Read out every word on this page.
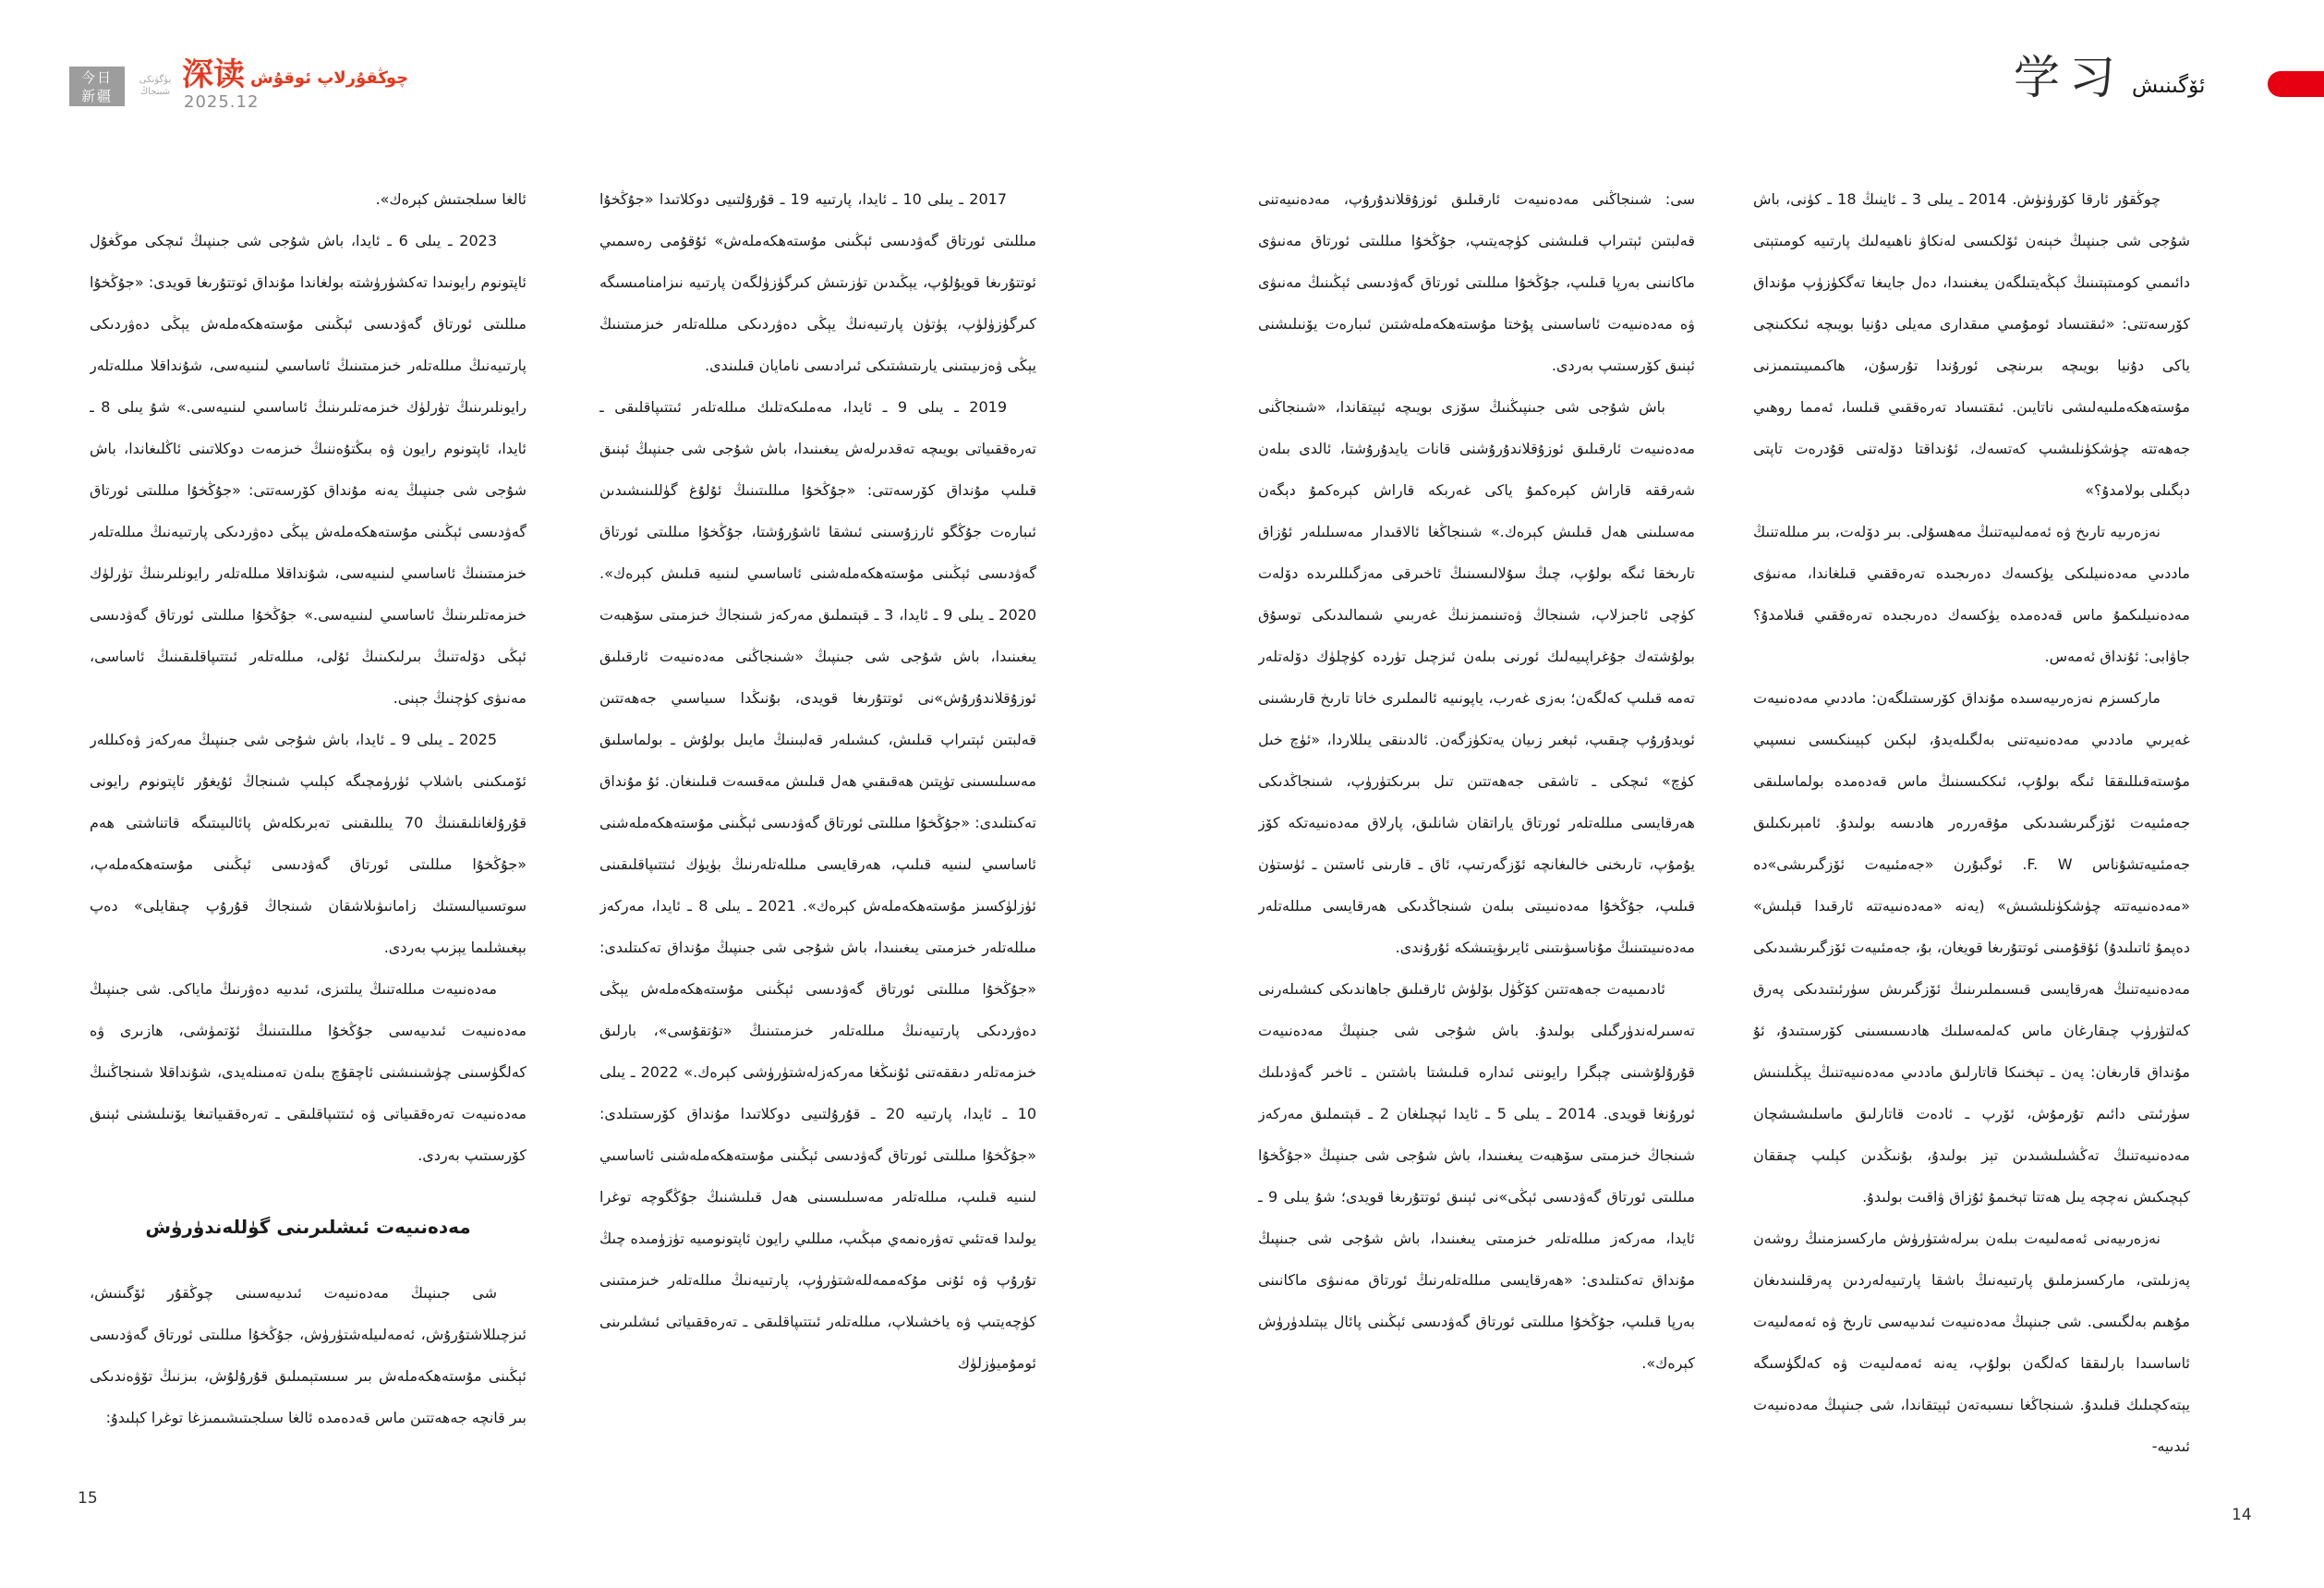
今日
新疆
بۈگۈنكى
شىنجاڭ 深读 چوڭقۇرلاپ ئوقۇش
2025.12	学习 ئۆگىنىش

ئالغا سىلجىتىش كېرەك».

2023 ـ يىلى 6 ـ ئايدا، باش شۇجى شى جىنپىڭ ئىچكى موڭغۇل ئاپتونوم رايونىدا تەكشۈرۈشتە بولغاندا مۇنداق ئوتتۇرىغا قويدى: «جۇڭخۇا مىللىتى ئورتاق گەۋدىسى ئېڭىنى مۇستەھكەملەش يېڭى دەۋردىكى پارتىيەنىڭ مىللەتلەر خىزمىتىنىڭ ئاساسىي لىنىيەسى، شۇنداقلا مىللەتلەر رايونلىرىنىڭ تۈرلۈك خىزمەتلىرىنىڭ ئاساسىي لىنىيەسى.» شۇ يىلى 8 ـ ئايدا، ئاپتونوم رايون ۋە بىڭتۇەننىڭ خىزمەت دوكلاتىنى ئاڭلىغاندا، باش شۇجى شى جىنپىڭ يەنە مۇنداق كۆرسەتتى: «جۇڭخۇا مىللىتى ئورتاق گەۋدىسى ئېڭىنى مۇستەھكەملەش يېڭى دەۋردىكى پارتىيەنىڭ مىللەتلەر خىزمىتىنىڭ ئاساسىي لىنىيەسى، شۇنداقلا مىللەتلەر رايونلىرىنىڭ تۈرلۈك خىزمەتلىرىنىڭ ئاساسىي لىنىيەسى.» جۇڭخۇا مىللىتى ئورتاق گەۋدىسى ئېڭى دۆلەتنىڭ بىرلىكىنىڭ ئۇلى، مىللەتلەر ئىتتىپاقلىقىنىڭ ئاساسى، مەنىۋى كۈچنىڭ جېنى.

2025 ـ يىلى 9 ـ ئايدا، باش شۇجى شى جىنپىڭ مەركەز ۋەكىللەر ئۆمىكىنى باشلاپ ئۈرۈمچىگە كېلىپ شىنجاڭ ئۇيغۇر ئاپتونوم رايونى قۇرۇلغانلىقىنىڭ 70 يىللىقىنى تەبرىكلەش پائالىيىتىگە قاتناشتى ھەم «جۇڭخۇا مىللىتى ئورتاق گەۋدىسى ئېڭىنى مۇستەھكەملەپ، سوتسىيالىستىك زامانىۋىلاشقان شىنجاڭ قۇرۇپ چىقايلى» دەپ بېغىشلىما يېزىپ بەردى.

مەدەنىيەت مىللەتنىڭ يىلتىزى، ئىدىيە دەۋرنىڭ ماياكى. شى جىنپىڭ مەدەنىيەت ئىدىيەسى جۇڭخۇا مىللىتىنىڭ ئۆتمۈشى، ھازىرى ۋە كەلگۈسىنى چۈشىنىشنى ئاچقۇچ بىلەن تەمىنلەيدى، شۇنداقلا شىنجاڭنىڭ مەدەنىيەت تەرەققىياتى ۋە ئىتتىپاقلىقى ـ تەرەققىياتىغا يۆنىلىشنى ئېنىق كۆرسىتىپ بەردى.

مەدەنىيەت ئىشلىرىنى گۈللەندۈرۈش

شى جىنپىڭ مەدەنىيەت ئىدىيەسىنى چوڭقۇر ئۆگىنىش، ئىزچىللاشتۇرۇش، ئەمەلىيلەشتۈرۈش، جۇڭخۇا مىللىتى ئورتاق گەۋدىسى ئېڭىنى مۇستەھكەملەش بىر سىستېمىلىق قۇرۇلۇش، بىزنىڭ تۆۋەندىكى بىر قانچە جەھەتتىن ماس قەدەمدە ئالغا سىلجىتىشىمىزغا توغرا كېلىدۇ:

2017 ـ يىلى 10 ـ ئايدا، پارتىيە 19 ـ قۇرۇلتىيى دوكلاتىدا «جۇڭخۇا مىللىتى ئورتاق گەۋدىسى ئېڭىنى مۇستەھكەملەش» ئۇقۇمى رەسمىي ئوتتۇرىغا قويۇلۇپ، يېڭىدىن تۈزىتىش كىرگۈزۈلگەن پارتىيە نىزامنامىسىگە كىرگۈزۈلۈپ، پۈتۈن پارتىيەنىڭ يېڭى دەۋردىكى مىللەتلەر خىزمىتىنىڭ يېڭى ۋەزىيىتىنى يارىتىشتىكى ئىرادىسى نامايان قىلىندى.

2019 ـ يىلى 9 ـ ئايدا، مەملىكەتلىك مىللەتلەر ئىتتىپاقلىقى ـ تەرەققىياتى بويىچە تەقدىرلەش يىغىنىدا، باش شۇجى شى جىنپىڭ ئېنىق قىلىپ مۇنداق كۆرسەتتى: «جۇڭخۇا مىللىتىنىڭ ئۇلۇغ گۈللىنىشىدىن ئىبارەت جۇڭگو ئارزۇسىنى ئىشقا ئاشۇرۇشتا، جۇڭخۇا مىللىتى ئورتاق گەۋدىسى ئېڭىنى مۇستەھكەملەشنى ئاساسىي لىنىيە قىلىش كېرەك». 2020 ـ يىلى 9 ـ ئايدا، 3 ـ قېتىملىق مەركەز شىنجاڭ خىزمىتى سۆھبەت يىغىنىدا، باش شۇجى شى جىنپىڭ «شىنجاڭنى مەدەنىيەت ئارقىلىق ئوزۇقلاندۇرۇش»نى ئوتتۇرىغا قويدى، بۇنىڭدا سىياسىي جەھەتتىن قەلبتىن ئېتىراپ قىلىش، كىشىلەر قەلبىنىڭ مايىل بولۇش ـ بولماسلىق مەسىلىسىنى تۈپتىن ھەقىقىي ھەل قىلىش مەقسەت قىلىنغان. ئۇ مۇنداق تەكىتلىدى: «جۇڭخۇا مىللىتى ئورتاق گەۋدىسى ئېڭىنى مۇستەھكەملەشنى ئاساسىي لىنىيە قىلىپ، ھەرقايسى مىللەتلەرنىڭ بۈيۈك ئىتتىپاقلىقىنى ئۈزلۈكسىز مۇستەھكەملەش كېرەك». 2021 ـ يىلى 8 ـ ئايدا، مەركەز مىللەتلەر خىزمىتى يىغىنىدا، باش شۇجى شى جىنپىڭ مۇنداق تەكىتلىدى: «جۇڭخۇا مىللىتى ئورتاق گەۋدىسى ئېڭىنى مۇستەھكەملەش يېڭى دەۋردىكى پارتىيەنىڭ مىللەتلەر خىزمىتىنىڭ «تۇتقۇسى»، بارلىق خىزمەتلەر دىققەتنى ئۇنىڭغا مەركەزلەشتۈرۈشى كېرەك.» 2022 ـ يىلى 10 ـ ئايدا، پارتىيە 20 ـ قۇرۇلتىيى دوكلاتىدا مۇنداق كۆرسىتىلدى: «جۇڭخۇا مىللىتى ئورتاق گەۋدىسى ئېڭىنى مۇستەھكەملەشنى ئاساسىي لىنىيە قىلىپ، مىللەتلەر مەسىلىسىنى ھەل قىلىشنىڭ جۇڭگوچە توغرا يولىدا قەتئىي تەۋرەنمەي مېڭىپ، مىللىي رايون ئاپتونومىيە تۈزۈمىدە چىڭ تۇرۇپ ۋە ئۇنى مۇكەممەللەشتۈرۈپ، پارتىيەنىڭ مىللەتلەر خىزمىتىنى كۈچەيتىپ ۋە ياخشىلاپ، مىللەتلەر ئىتتىپاقلىقى ـ تەرەققىياتى ئىشلىرىنى ئومۇميۈزلۈك

سى: شىنجاڭنى مەدەنىيەت ئارقىلىق ئوزۇقلاندۇرۇپ، مەدەنىيەتنى قەلبتىن ئېتىراپ قىلىشنى كۈچەيتىپ، جۇڭخۇا مىللىتى ئورتاق مەنىۋى ماكانىنى بەرپا قىلىپ، جۇڭخۇا مىللىتى ئورتاق گەۋدىسى ئېڭىنىڭ مەنىۋى ۋە مەدەنىيەت ئاساسىنى پۇختا مۇستەھكەملەشتىن ئىبارەت يۆنىلىشنى ئېنىق كۆرسىتىپ بەردى.

باش شۇجى شى جىنپىڭنىڭ سۆزى بويىچە ئېيتقاندا، «شىنجاڭنى مەدەنىيەت ئارقىلىق ئوزۇقلاندۇرۇشنى قانات يايدۇرۇشتا، ئالدى بىلەن شەرققە قاراش كېرەكمۇ ياكى غەربكە قاراش كېرەكمۇ دېگەن مەسىلىنى ھەل قىلىش كېرەك.» شىنجاڭغا ئالاقىدار مەسىلىلەر ئۇزاق تارىخقا ئىگە بولۇپ، چىڭ سۇلالىسىنىڭ ئاخىرقى مەزگىللىرىدە دۆلەت كۈچى ئاجىزلاپ، شىنجاڭ ۋەتىنىمىزنىڭ غەربىي شىمالىدىكى توسۇق بولۇشتەك جۇغراپىيەلىك ئورنى بىلەن ئىزچىل تۈردە كۈچلۈك دۆلەتلەر تەمە قىلىپ كەلگەن؛ بەزى غەرب، ياپونىيە ئالىملىرى خاتا تارىخ قارىشىنى ئويدۇرۇپ چىقىپ، ئېغىر زىيان يەتكۈزگەن. ئالدىنقى يىللاردا، «ئۈچ خىل كۈچ» ئىچكى ـ تاشقى جەھەتتىن تىل بىرىكتۈرۈپ، شىنجاڭدىكى ھەرقايسى مىللەتلەر ئورتاق ياراتقان شانلىق، پارلاق مەدەنىيەتكە كۆز يۇمۇپ، تارىخنى خالىغانچە ئۆزگەرتىپ، ئاق ـ قارىنى ئاستىن ـ ئۈستۈن قىلىپ، جۇڭخۇا مەدەنىيىتى بىلەن شىنجاڭدىكى ھەرقايسى مىللەتلەر مەدەنىيىتىنىڭ مۇناسىۋىتىنى ئايرىۋېتىشكە ئۇرۇندى.

ئادىمىيەت جەھەتتىن كۆڭۈل بۆلۈش ئارقىلىق جاھاندىكى كىشىلەرنى تەسىرلەندۈرگىلى بولىدۇ. باش شۇجى شى جىنپىڭ مەدەنىيەت قۇرۇلۇشىنى چېگرا رايوننى ئىدارە قىلىشتا باشتىن ـ ئاخىر گەۋدىلىك ئورۇنغا قويدى. 2014 ـ يىلى 5 ـ ئايدا ئېچىلغان 2 ـ قېتىملىق مەركەز شىنجاڭ خىزمىتى سۆھبەت يىغىنىدا، باش شۇجى شى جىنپىڭ «جۇڭخۇا مىللىتى ئورتاق گەۋدىسى ئېڭى»نى ئېنىق ئوتتۇرىغا قويدى؛ شۇ يىلى 9 ـ ئايدا، مەركەز مىللەتلەر خىزمىتى يىغىنىدا، باش شۇجى شى جىنپىڭ مۇنداق تەكىتلىدى: «ھەرقايسى مىللەتلەرنىڭ ئورتاق مەنىۋى ماكانىنى بەرپا قىلىپ، جۇڭخۇا مىللىتى ئورتاق گەۋدىسى ئېڭىنى پائال يېتىلدۈرۈش كېرەك».

چوڭقۇر ئارقا كۆرۈنۈش. 2014 ـ يىلى 3 ـ ئاينىڭ 18 ـ كۈنى، باش شۇجى شى جىنپىڭ خېنەن ئۆلكىسى لەنكاۋ ناھىيەلىك پارتىيە كومىتېتى دائىمىي كومىتېتىنىڭ كېڭەيتىلگەن يىغىنىدا، دەل جايىغا تەگكۈزۈپ مۇنداق كۆرسەتتى: «ئىقتىساد ئومۇمىي مىقدارى مەيلى دۇنيا بويىچە ئىككىنچى ياكى دۇنيا بويىچە بىرىنچى ئورۇندا تۇرسۇن، ھاكىمىيىتىمىزنى مۇستەھكەملىيەلىشى ناتايىن. ئىقتىساد تەرەققىي قىلسا، ئەمما روھىي جەھەتتە چۈشكۈنلىشىپ كەتسەك، ئۇنداقتا دۆلەتنى قۇدرەت تاپتى دېگىلى بولامدۇ؟»

نەزەرىيە تارىخ ۋە ئەمەلىيەتنىڭ مەھسۇلى. بىر دۆلەت، بىر مىللەتنىڭ ماددىي مەدەنىيلىكى يۈكسەك دەرىجىدە تەرەققىي قىلغاندا، مەنىۋى مەدەنىيلىكمۇ ماس قەدەمدە يۈكسەك دەرىجىدە تەرەققىي قىلامدۇ؟ جاۋابى: ئۇنداق ئەمەس.

ماركسىزم نەزەرىيەسىدە مۇنداق كۆرسىتىلگەن: ماددىي مەدەنىيەت غەيرىي ماددىي مەدەنىيەتنى بەلگىلەيدۇ، لېكىن كېيىنكىسى نىسپىي مۇستەقىللىققا ئىگە بولۇپ، ئىككىسىنىڭ ماس قەدەمدە بولماسلىقى جەمئىيەت ئۆزگىرىشىدىكى مۇقەررەر ھادىسە بولىدۇ. ئامېرىكىلىق جەمئىيەتشۇناس F. W. ئوگبۇرن «جەمئىيەت ئۆزگىرىشى»دە «مەدەنىيەتتە چۈشكۈنلىشىش» (يەنە «مەدەنىيەتتە ئارقىدا قېلىش» دەپمۇ ئاتىلىدۇ) ئۇقۇمىنى ئوتتۇرىغا قويغان، بۇ، جەمئىيەت ئۆزگىرىشىدىكى مەدەنىيەتنىڭ ھەرقايسى قىسىملىرىنىڭ ئۆزگىرىش سۈرئىتىدىكى پەرق كەلتۈرۈپ چىقارغان ماس كەلمەسلىك ھادىسىسىنى كۆرسىتىدۇ، ئۇ مۇنداق قارىغان: پەن ـ تېخنىكا قاتارلىق ماددىي مەدەنىيەتنىڭ يېڭىلىنىش سۈرئىتى دائىم تۇرمۇش، ئۆرپ ـ ئادەت قاتارلىق ماسلىشىشچان مەدەنىيەتنىڭ تەڭشىلىشىدىن تېز بولىدۇ، بۇنىڭدىن كېلىپ چىققان كېچىكىش نەچچە يىل ھەتتا تېخىمۇ ئۇزاق ۋاقىت بولىدۇ.

نەزەرىيەنى ئەمەلىيەت بىلەن بىرلەشتۈرۈش ماركسىزمنىڭ روشەن پەزىلىتى، ماركسىزملىق پارتىيەنىڭ باشقا پارتىيەلەردىن پەرقلىنىدىغان مۇھىم بەلگىسى. شى جىنپىڭ مەدەنىيەت ئىدىيەسى تارىخ ۋە ئەمەلىيەت ئاساسىدا بارلىققا كەلگەن بولۇپ، يەنە ئەمەلىيەت ۋە كەلگۈسىگە يېتەكچىلىك قىلىدۇ. شىنجاڭغا نىسبەتەن ئېيتقاندا، شى جىنپىڭ مەدەنىيەت ئىدىيە-

15
14
